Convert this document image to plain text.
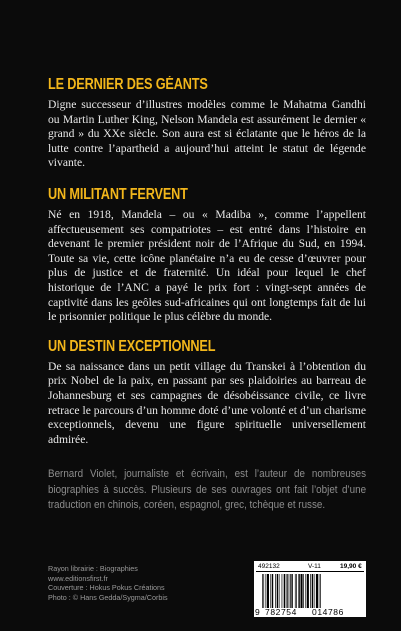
LE DERNIER DES GÉANTS

Digne successeur d’illustres modèles comme le Mahatma Gandhi ou Martin Luther King, Nelson Mandela est assurément le dernier « grand » du XXe siècle. Son aura est si éclatante que le héros de la lutte contre l’apartheid a aujourd’hui atteint le statut de légende vivante.

UN MILITANT FERVENT

Né en 1918, Mandela – ou « Madiba », comme l’appellent affectueusement ses compatriotes – est entré dans l’histoire en devenant le premier président noir de l’Afrique du Sud, en 1994. Toute sa vie, cette icône planétaire n’a eu de cesse d’œuvrer pour plus de justice et de fraternité. Un idéal pour lequel le chef historique de l’ANC a payé le prix fort : vingt-sept années de captivité dans les geôles sud-africaines qui ont longtemps fait de lui le prisonnier politique le plus célèbre du monde.

UN DESTIN EXCEPTIONNEL

De sa naissance dans un petit village du Transkei à l’obtention du prix Nobel de la paix, en passant par ses plaidoiries au barreau de Johannesburg et ses campagnes de désobéissance civile, ce livre retrace le parcours d’un homme doté d’une volonté et d’un charisme exceptionnels, devenu une figure spirituelle universellement admirée.

Bernard Violet, journaliste et écrivain, est l’auteur de nombreuses biographies à succès. Plusieurs de ses ouvrages ont fait l’objet d’une traduction en chinois, coréen, espagnol, grec, tchèque et russe.

Rayon librairie : Biographies
www.editionsfirst.fr
Couverture : Hokus Pokus Créations
Photo : © Hans Gedda/Sygma/Corbis
492132	V-11	19,90 €
9 782754 014786
